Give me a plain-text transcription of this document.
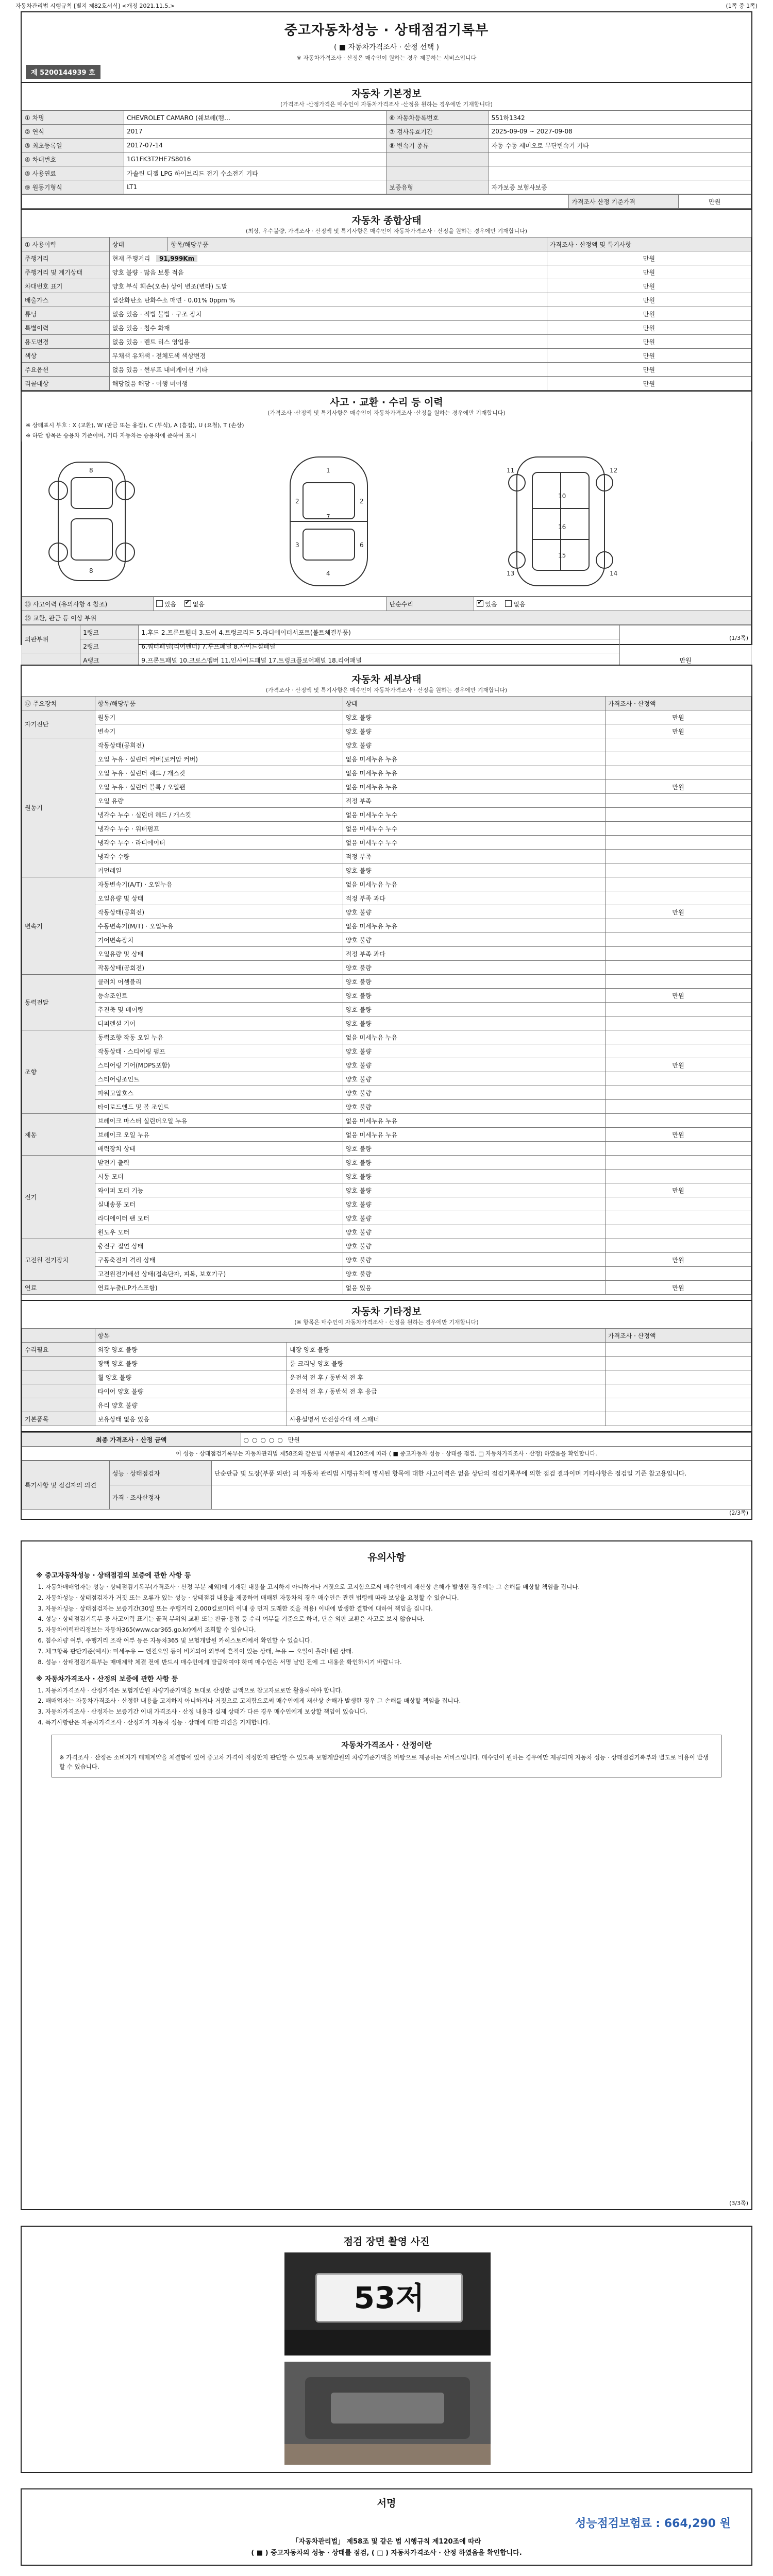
자동차관리법 시행규칙 [별지 제82호서식] <개정 2021.11.5.>	(1쪽 중 1쪽)
중고자동차성능 · 상태점검기록부
( ■ 자동차가격조사 · 산정 선택 )
※ 자동차가격조사 · 산정은 매수인이 원하는 경우 제공하는 서비스입니다
제 5200144939 호
자동차 기본정보
(가격조사 ·산정가격은 매수인이 자동차가격조사 ·산정을 원하는 경우에만 기재합니다)
① 차명	CHEVROLET CAMARO (쉐보레(캠…	⑥ 자동차등록번호	551하1342
② 연식	2017	⑦ 검사유효기간	2025-09-09 ~ 2027-09-08
③ 최초등록일	2017-07-14	⑧ 변속기 종류	자동 수동 세미오토 무단변속기 기타
④ 차대번호	1G1FK3T2HE7S8016		
⑤ 사용연료	가솔린 디젤 LPG 하이브리드 전기 수소전기 기타		
⑨ 원동기형식	LT1	보증유형	자가보증 보험사보증
	가격조사 산정 기준가격	만원
자동차 종합상태
(최상, 우수불량, 가격조사 · 산정액 및 특기사항은 매수인이 자동차가격조사 · 산정을 원하는 경우에만 기재합니다)
① 사용이력	상태	항목/해당부품	가격조사 · 산정액 및 특기사항
주행거리	현재 주행거리 91,999Km		만원
주행거리 및 계기상태	양호 불량 · 많음 보통 적음		만원
차대번호 표기	양호 부식 훼손(오손) 상이 변조(변타) 도말		만원
배출가스	일산화탄소 탄화수소 매연 · 0.01% 0ppm %		만원
튜닝	없음 있음 · 적법 불법 · 구조 장치		만원
특별이력	없음 있음 · 침수 화재		만원
용도변경	없음 있음 · 렌트 리스 영업용		만원
색상	무채색 유채색 · 전체도색 색상변경		만원
주요옵션	없음 있음 · 썬루프 내비게이션 기타		만원
리콜대상	해당없음 해당 · 이행 미이행		만원
사고 · 교환 · 수리 등 이력
(가격조사 ·산정액 및 특기사항은 매수인이 자동차가격조사 ·산정을 원하는 경우에만 기재합니다)
※ 상태표시 부호 : X (교환), W (판금 또는 용접), C (부식), A (흠집), U (요철), T (손상)
※ 하단 항목은 승용차 기준이며, 기타 자동차는 승용차에 준하여 표시
1
7
4
2	2
3	6
10
16
15
11	12
13	14
8
8
⑬ 사고이력 (유의사항 4 참조)	있음 ✔	없음	단순수리	✔있음	없음
⑮ 교환, 판금 등 이상 부위
외판부위	1랭크	1.후드 2.프론트휀더 3.도어 4.트렁크리드 5.라디에이터서포트(볼트체결부품)	만원
	2랭크	6.쿼터패널(리어펜더) 7.루프패널 8.사이드실패널	
	A랭크	9.프론트패널 10.크로스멤버 11.인사이드패널 17.트렁크플로어패널 18.리어패널	

(1/3쪽)
자동차 세부상태
(가격조사 · 산정액 및 특기사항은 매수인이 자동차가격조사 · 산정을 원하는 경우에만 기재합니다)
⑰ 주요장치	항목/해당부품	상태	가격조사 · 산정액
자기진단	원동기	양호 불량	만원
	변속기	양호 불량	만원
원동기	작동상태(공회전)	양호 불량	
	오일 누유 · 실린더 커버(로커암 커버)	없음 미세누유 누유	
	오일 누유 · 실린더 헤드 / 개스킷	없음 미세누유 누유	
	오일 누유 · 실린더 블록 / 오일팬	없음 미세누유 누유	만원
	오일 유량	적정 부족	
	냉각수 누수 · 실린더 헤드 / 개스킷	없음 미세누수 누수	
	냉각수 누수 · 워터펌프	없음 미세누수 누수	
	냉각수 누수 · 라디에이터	없음 미세누수 누수	
	냉각수 수량	적정 부족	
	커먼레일	양호 불량	
변속기	자동변속기(A/T) · 오일누유	없음 미세누유 누유	
	오일유량 및 상태	적정 부족 과다	
	작동상태(공회전)	양호 불량	만원
	수동변속기(M/T) · 오일누유	없음 미세누유 누유	
	기어변속장치	양호 불량	
	오일유량 및 상태	적정 부족 과다	
	작동상태(공회전)	양호 불량	
동력전달	클러치 어셈블리	양호 불량	
	등속조인트	양호 불량	만원
	추진축 및 베어링	양호 불량	
	디퍼렌셜 기어	양호 불량	
조향	동력조향 작동 오일 누유	없음 미세누유 누유	
	작동상태 · 스티어링 펌프	양호 불량	
	스티어링 기어(MDPS포함)	양호 불량	만원
	스티어링조인트	양호 불량	
	파워고압호스	양호 불량	
	타이로드엔드 및 볼 조인트	양호 불량	
제동	브레이크 마스터 실린더오일 누유	없음 미세누유 누유	
	브레이크 오일 누유	없음 미세누유 누유	만원
	배력장치 상태	양호 불량	
전기	발전기 출력	양호 불량	
	시동 모터	양호 불량	
	와이퍼 모터 기능	양호 불량	만원
	실내송풍 모터	양호 불량	
	라디에이터 팬 모터	양호 불량	
	윈도우 모터	양호 불량	
고전원 전기장치	충전구 절연 상태	양호 불량	
	구동축전지 격리 상태	양호 불량	만원
	고전원전기배선 상태(접속단자, 피복, 보호기구)	양호 불량	
연료	연료누출(LP가스포함)	없음 있음	만원
자동차 기타정보
(※ 항목은 매수인이 자동차가격조사 · 산정을 원하는 경우에만 기재합니다)
	항목		가격조사 · 산정액
수리필요	외장 양호 불량	내장 양호 불량	
	광택 양호 불량	룸 크리닝 양호 불량	
	휠 양호 불량	운전석 전 후 / 동반석 전 후	
	타이어 양호 불량	운전석 전 후 / 동반석 전 후 응급	
	유리 양호 불량		
기본품목	보유상태 없음 있음	사용설명서 안전삼각대 잭 스패너	
최종 가격조사 · 산정 금액	○○○○○ 만원
이 성능 · 상태점검기록부는 자동차관리법 제58조와 같은법 시행규칙 제120조에 따라 ( ■ 중고자동차 성능 · 상태를 점검, □ 자동차가격조사 · 산정) 하였음을 확인합니다.
특기사항 및 점검자의 의견	성능 · 상태점검자	단순판금 및 도장(부품 외판) 외 자동차 관리법 시행규칙에 명시된 항목에 대한 사고이력은 없음 상단의 점검기록부에 의한 점검 결과이며 기타사항은 점검일 기준 참고용입니다.
	가격 · 조사산정자	
(2/3쪽)
유의사항
※ 중고자동차성능 · 상태점검의 보증에 관한 사항 등
1. 자동차매매업자는 성능 · 상태점검기록부(가격조사 · 산정 부분 제외)에 기재된 내용을 고지하지 아니하거나 거짓으로 고지함으로써 매수인에게 재산상 손해가 발생한 경우에는 그 손해를 배상할 책임을 집니다.
2. 자동차성능 · 상태점검자가 거짓 또는 오류가 있는 성능 · 상태점검 내용을 제공하여 매매된 자동차의 경우 매수인은 관련 법령에 따라 보상을 요청할 수 있습니다.
3. 자동차성능 · 상태점검자는 보증기간(30일 또는 주행거리 2,000킬로미터 이내 중 먼저 도래한 것을 적용) 이내에 발생한 결함에 대하여 책임을 집니다.
4. 성능 · 상태점검기록부 중 사고이력 표기는 골격 부위의 교환 또는 판금·용접 등 수리 여부를 기준으로 하며, 단순 외판 교환은 사고로 보지 않습니다.
5. 자동차이력관리정보는 자동차365(www.car365.go.kr)에서 조회할 수 있습니다.
6. 침수차량 여부, 주행거리 조작 여부 등은 자동차365 및 보험개발원 카히스토리에서 확인할 수 있습니다.
7. 체크항목 판단기준(예시): 미세누유 — 엔진오일 등이 비치되어 외부에 흔적이 있는 상태, 누유 — 오일이 흘러내린 상태.
8. 성능 · 상태점검기록부는 매매계약 체결 전에 반드시 매수인에게 발급하여야 하며 매수인은 서명 날인 전에 그 내용을 확인하시기 바랍니다.
※ 자동차가격조사 · 산정의 보증에 관한 사항 등
1. 자동차가격조사 · 산정가격은 보험개발원 차량기준가액을 토대로 산정한 금액으로 참고자료로만 활용하여야 합니다.
2. 매매업자는 자동차가격조사 · 산정한 내용을 고지하지 아니하거나 거짓으로 고지함으로써 매수인에게 재산상 손해가 발생한 경우 그 손해를 배상할 책임을 집니다.
3. 자동차가격조사 · 산정자는 보증기간 이내 가격조사 · 산정 내용과 실제 상태가 다른 경우 매수인에게 보상할 책임이 있습니다.
4. 특기사항란은 자동차가격조사 · 산정자가 자동차 성능 · 상태에 대한 의견을 기재합니다.
자동차가격조사 · 산정이란

※ 가격조사 · 산정은 소비자가 매매계약을 체결함에 있어 중고차 가격이 적정한지 판단할 수 있도록 보험개발원의 차량기준가액을 바탕으로 제공하는 서비스입니다. 매수인이 원하는 경우에만 제공되며 자동차 성능 · 상태점검기록부와 별도로 비용이 발생할 수 있습니다.

(3/3쪽)
점검 장면 촬영 사진
53저
서명
성능점검보험료 : 664,290 원
「자동차관리법」 제58조 및 같은 법 시행규칙 제120조에 따라
( ■ ) 중고자동차의 성능 · 상태를 점검, ( □ ) 자동차가격조사 · 산정 하였음을 확인합니다.
